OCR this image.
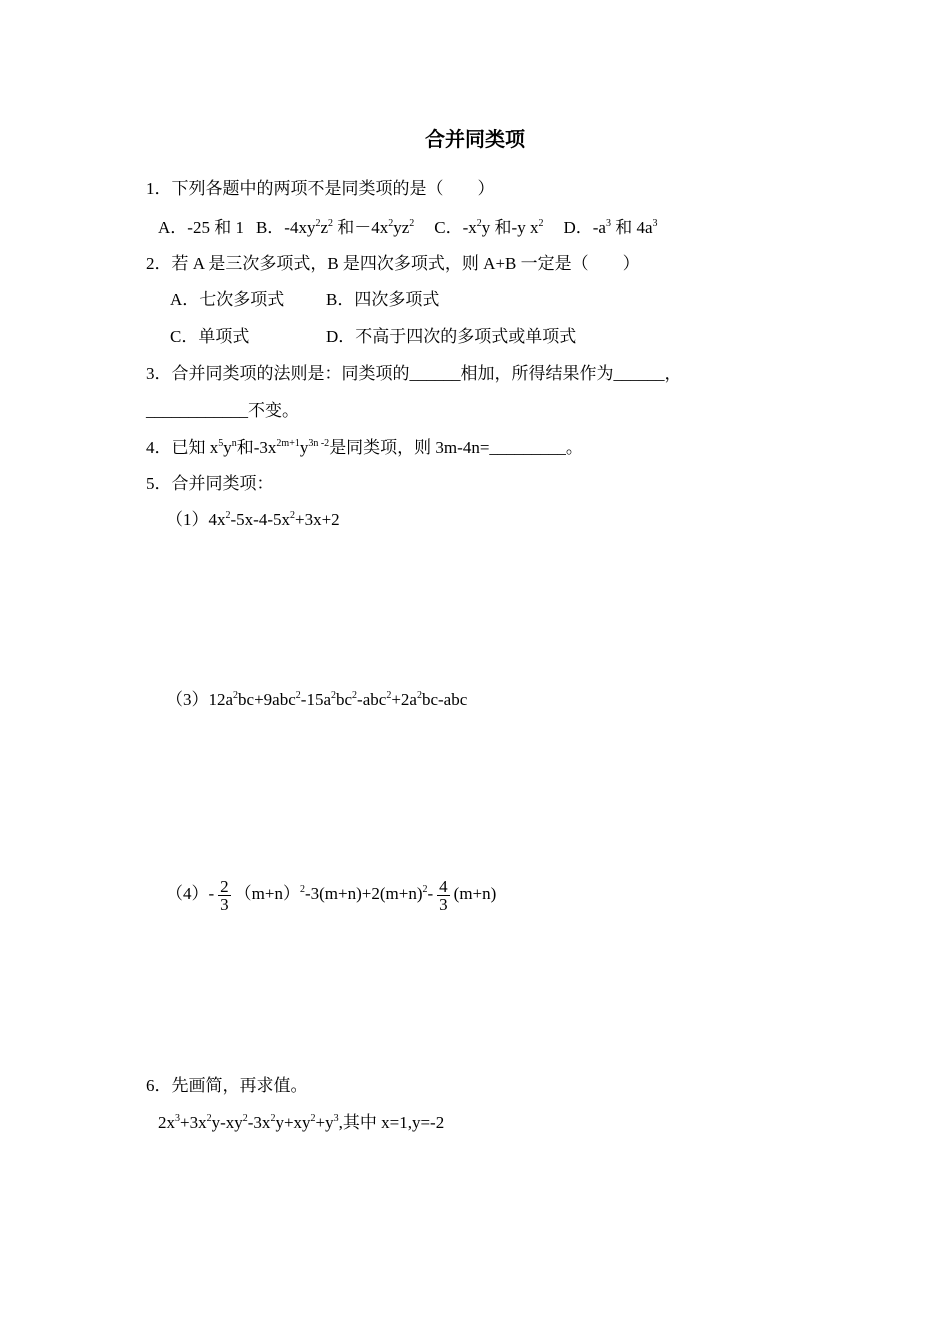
合并同类项
1．下列各题中的两项不是同类项的是（　　）
A．-25 和 1 B．$-4xy^2z^2$ 和$-4x^2yz^2$ C．$-x^2y$ 和-y $x^2$ D．$-a^3$ 和 $4a^3$
2．若 A 是三次多项式，B 是四次多项式，则 A+B 一定是（　　）
A．七次多项式 B．四次多项式
C．单项式	D．不高于四次的多项式或单项式
3．合并同类项的法则是：同类项的______相加，所得结果作为______，
____________不变。
4．已知 $x^5y^n$和$-3x^{2m+1}y^{3n -2}$是同类项，则 3m-4n=_________。
5．合并同类项：
$(1)4x^2-5x-4-5x^2+3x+2$
$(3)12a^2bc+9abc^2-15a^2bc^2-abc^2+2a^2bc$-abc
$(4)- \frac{2}{3} (m+n)^2-3(m+n)+2(m+n)^2- \frac{4}{3} (m+n)$
6．先画简，再求值。
$2x^3+3x^2y-xy^2-3x^2y+xy^2+y^3$,其中 x=1,y=-2
